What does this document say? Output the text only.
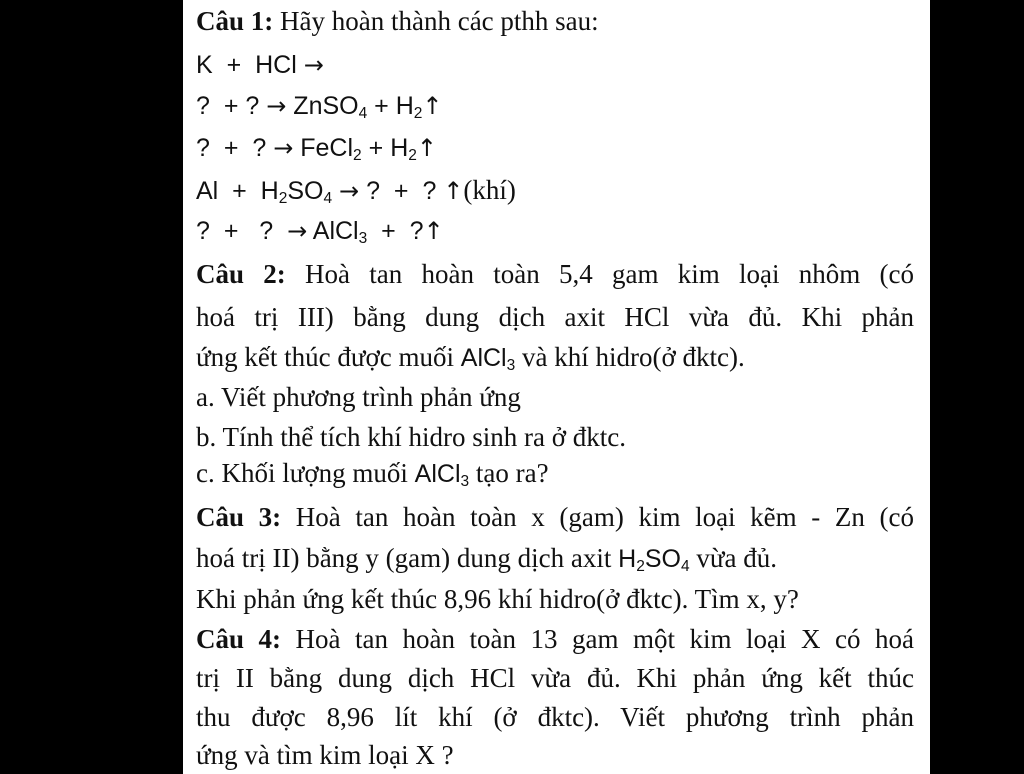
Câu 1: Hãy hoàn thành các pthh sau:
K + HCl →
? + ? → ZnSO4 + H2↑
? + ? → FeCl2 + H2↑
Al + H2SO4 → ? + ? ↑(khí)
? + ? → AlCl3 + ?↑
Câu 2: Hoà tan hoàn toàn 5,4 gam kim loại nhôm (có
hoá trị III) bằng dung dịch axit HCl vừa đủ. Khi phản
ứng kết thúc được muối AlCl3 và khí hidro(ở đktc).
a. Viết phương trình phản ứng
b. Tính thể tích khí hidro sinh ra ở đktc.
c. Khối lượng muối AlCl3 tạo ra?
Câu 3: Hoà tan hoàn toàn x (gam) kim loại kẽm - Zn (có
hoá trị II) bằng y (gam) dung dịch axit H2SO4 vừa đủ.
Khi phản ứng kết thúc 8,96 khí hidro(ở đktc). Tìm x, y?
Câu 4: Hoà tan hoàn toàn 13 gam một kim loại X có hoá
trị II bằng dung dịch HCl vừa đủ. Khi phản ứng kết thúc
thu được 8,96 lít khí (ở đktc). Viết phương trình phản
ứng và tìm kim loại X ?
